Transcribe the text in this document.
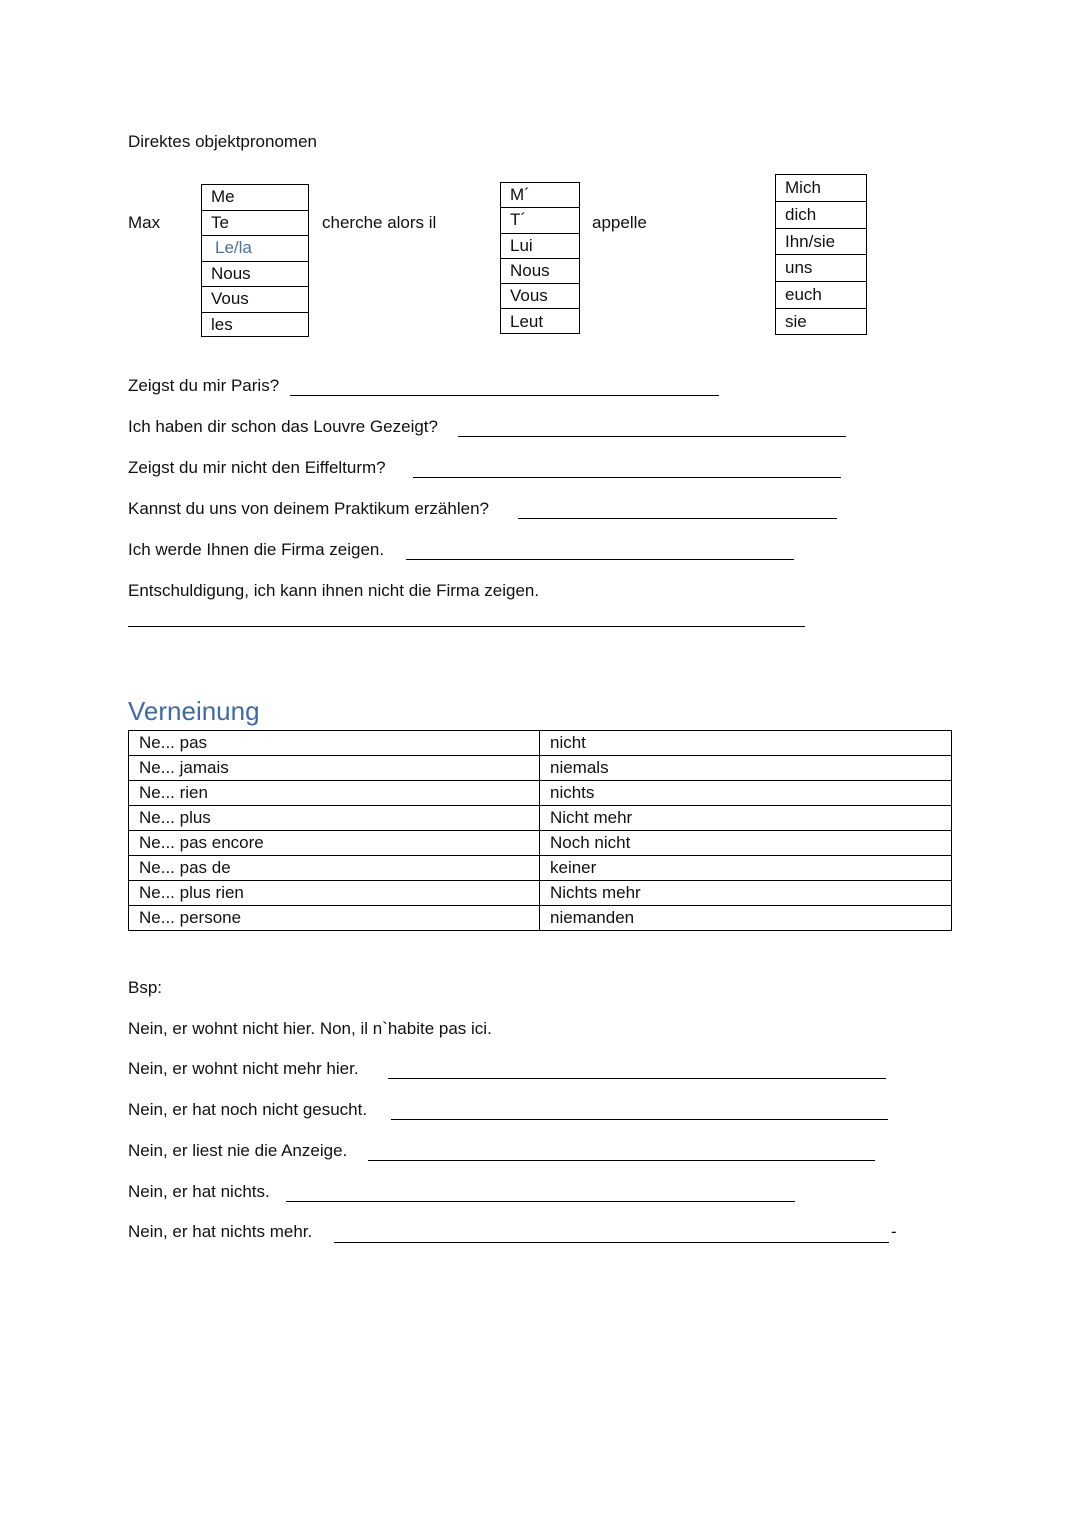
Direktes objektpronomen
Max
Me
Te
Le/la
Nous
Vous
les
cherche alors il
M´
T´
Lui
Nous
Vous
Leut
appelle
Mich
dich
Ihn/sie
uns
euch
sie
Zeigst du mir Paris?
Ich haben dir schon das Louvre Gezeigt?
Zeigst du mir nicht den Eiffelturm?
Kannst du uns von deinem Praktikum erzählen?
Ich werde Ihnen die Firma zeigen.
Entschuldigung, ich kann ihnen nicht die Firma zeigen.
Verneinung
Ne... pas	nicht
Ne... jamais	niemals
Ne... rien	nichts
Ne... plus	Nicht mehr
Ne... pas encore	Noch nicht
Ne... pas de	keiner
Ne... plus rien	Nichts mehr
Ne... persone	niemanden
Bsp:
Nein, er wohnt nicht hier. Non, il n`habite pas ici.
Nein, er wohnt nicht mehr hier.
Nein, er hat noch nicht gesucht.
Nein, er liest nie die Anzeige.
Nein, er hat nichts.
Nein, er hat nichts mehr.	-
